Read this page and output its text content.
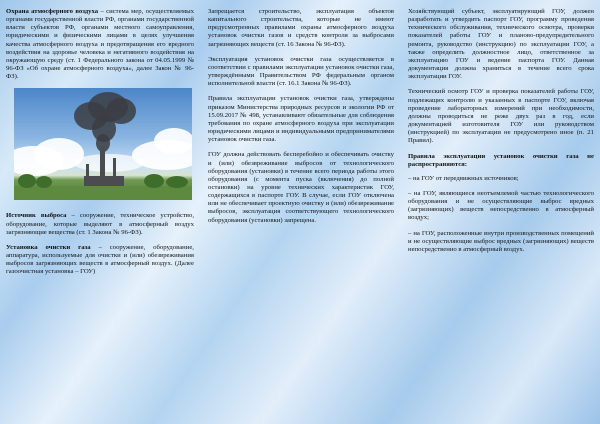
Охрана атмосферного воздуха – система мер, осуществляемых органами государственной власти РФ, органами государственной власти субъектов РФ, органами местного самоуправления, юридическими и физическими лицами в целях улучшения качества атмосферного воздуха и предотвращения его вредного воздействия на здоровье человека и негативного воздействия на окружающую среду (ст. 1 Федерального закона от 04.05.1999 № 96-ФЗ «Об охране атмосферного воздуха», далее Закон № 96-ФЗ).

Источник выброса – сооружение, техническое устройство, оборудование, которые выделяют в атмосферный воздух загрязняющие вещества (ст. 1 Закона № 96-ФЗ).

Установка очистки газа – сооружение, оборудование, аппаратура, используемые для очистки и (или) обезвреживания выбросов загрязняющих веществ в атмосферный воздух. (Далее газоочистная установка – ГОУ)

Запрещается строительство, эксплуатация объектов капитального строительства, которые не имеют предусмотренных правилами охраны атмосферного воздуха установок очистки газов и средств контроля за выбросами загрязняющих веществ (ст. 16 Закона № 96-ФЗ).

Эксплуатация установок очистки газа осуществляется в соответствии с правилами эксплуатации установок очистки газа, утверждёнными Правительством РФ федеральным органом исполнительной власти (ст. 16.1 Закона № 96-ФЗ).

Правила эксплуатации установок очистки газа, утверждены приказом Министерства природных ресурсов и экологии РФ от 15.09.2017 № 498, устанавливают обязательные для соблюдения требования по охране атмосферного воздуха при эксплуатации юридическими лицами и индивидуальными предпринимателями установок очистки газа.

ГОУ должна действовать бесперебойно и обеспечивать очистку и (или) обезвреживание выбросов от технологического оборудования (установки) в течение всего периода работы этого оборудования (с момента пуска (включения) до полной остановки) на уровне технических характеристик ГОУ, содержащихся в паспорте ГОУ. В случае, если ГОУ отключена или не обеспечивает проектную очистку и (или) обезвреживание выбросов, эксплуатация соответствующего технологического оборудования (установки) запрещена.

Хозяйствующий субъект, эксплуатирующий ГОУ, должен разработать и утвердить паспорт ГОУ, программу проведения технического обслуживания, технического осмотра, проверки показателей работы ГОУ и планово-предупредительного ремонта, руководство (инструкцию) по эксплуатации ГОУ, а также определить должностное лицо, ответственное за эксплуатацию ГОУ и ведение паспорта ГОУ. Данная документация должна храниться в течение всего срока эксплуатации ГОУ.

Технический осмотр ГОУ и проверка показателей работы ГОУ, подлежащих контролю и указанных в паспорте ГОУ, включая проведение лабораторных измерений при необходимости, должны проводиться не реже двух раз в год, если документацией изготовителя ГОУ или руководством (инструкцией) по эксплуатации не предусмотрено иное (п. 21 Правил).

Правила эксплуатации установок очистки газа не распространяются:

– на ГОУ от передвижных источников;

– на ГОУ, являющиеся неотъемлемой частью технологического оборудования и не осуществляющие выброс вредных (загрязняющих) веществ непосредственно в атмосферный воздух;

– на ГОУ, расположенные внутри производственных помещений и не осуществляющие выброс вредных (загрязняющих) веществ непосредственно в атмосферный воздух.
